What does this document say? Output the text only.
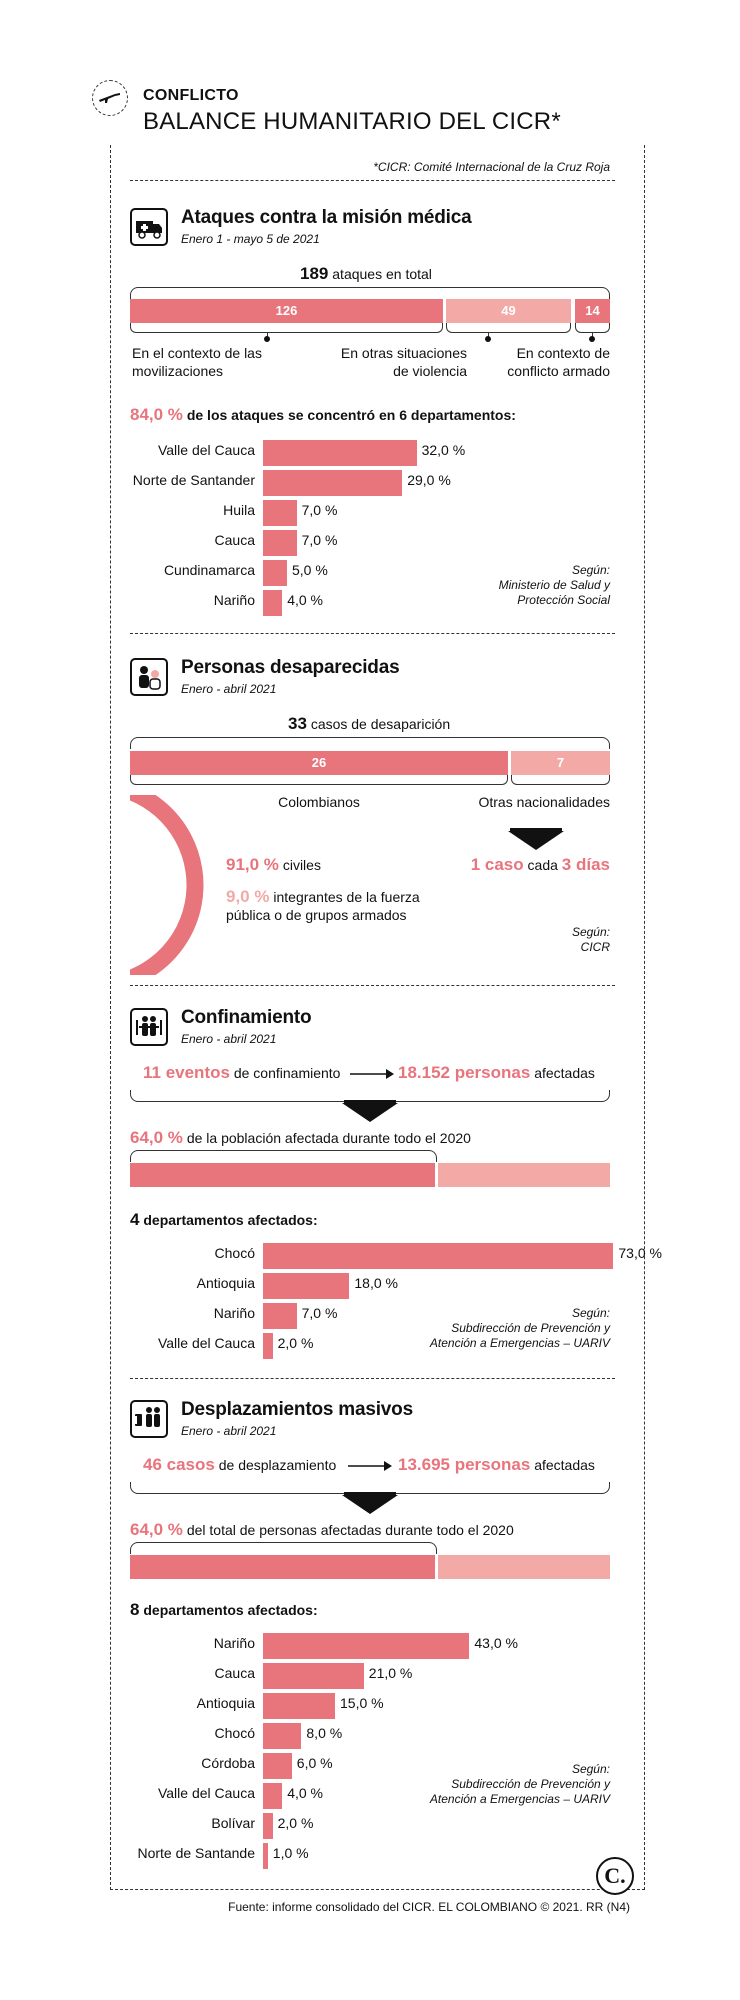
CONFLICTO
BALANCE HUMANITARIO DEL CICR*
*CICR: Comité Internacional de la Cruz Roja
Ataques contra la misión médica
Enero 1 - mayo 5 de 2021
189 ataques en total
126	49	14
En el contexto de las movilizaciones
En otras situaciones de violencia
En contexto de conflicto armado
84,0 % de los ataques se concentró en 6 departamentos:
Valle del Cauca	32,0 %
Norte de Santander	29,0 %
Huila	7,0 %
Cauca	7,0 %
Cundinamarca	5,0 %
Nariño 4,0 %
Según:
Ministerio de Salud y Protección Social
Personas desaparecidas
Enero - abril 2021
33 casos de desaparición
26	7
Colombianos	Otras nacionalidades
91,0 % civiles
9,0 % integrantes de la fuerza pública o de grupos armados
1 caso cada 3 días
Según:
CICR
Confinamiento
Enero - abril 2021
11 eventos de confinamiento	18.152 personas afectadas
64,0 % de la población afectada durante todo el 2020
4 departamentos afectados:
Chocó	73,0 %
Antioquia	18,0 %
Nariño	7,0 %
Valle del Cauca 2,0 %
Según:
Subdirección de Prevención y Atención a Emergencias – UARIV
Desplazamientos masivos
Enero - abril 2021
46 casos de desplazamiento	13.695 personas afectadas
64,0 % del total de personas afectadas durante todo el 2020
8 departamentos afectados:
Nariño	43,0 %
Cauca	21,0 %
Antioquia	15,0 %
Chocó	8,0 %
Córdoba	6,0 %
Valle del Cauca 4,0 %
Bolívar 2,0 %
Norte de Santande 1,0 %
Según:
Subdirección de Prevención y Atención a Emergencias – UARIV
C.
Fuente: informe consolidado del CICR. EL COLOMBIANO © 2021. RR (N4)
